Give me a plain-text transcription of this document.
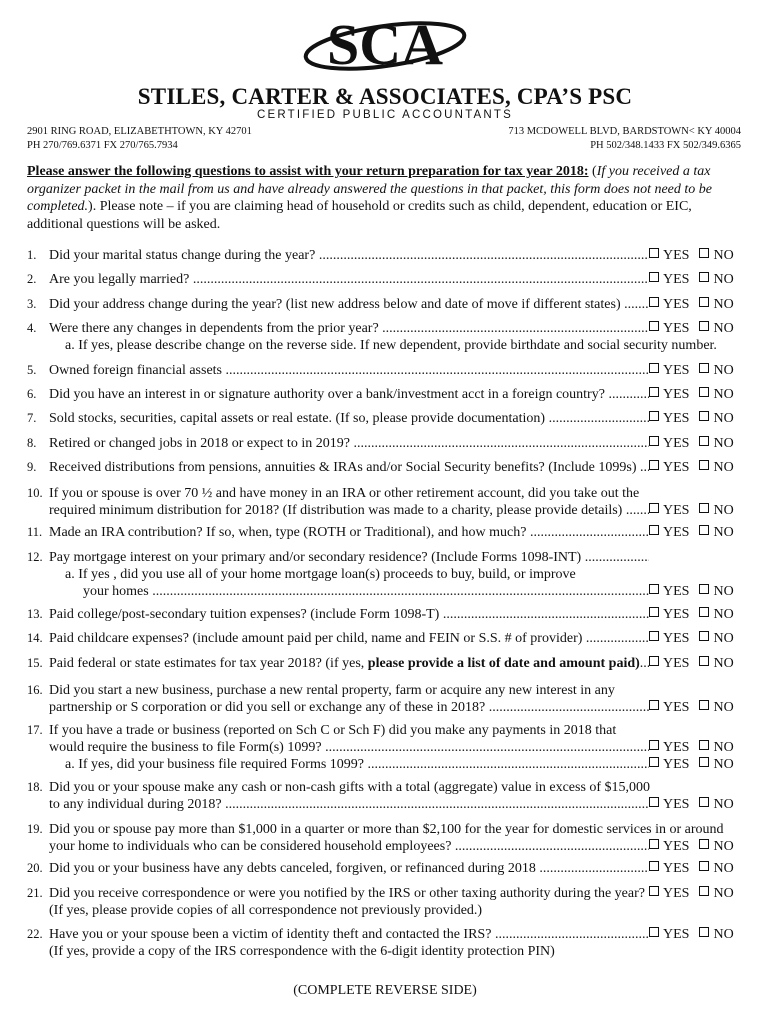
SCA
STILES, CARTER & ASSOCIATES, CPA’S PSC
CERTIFIED PUBLIC ACCOUNTANTS
2901 RING ROAD, ELIZABETHTOWN, KY 42701
PH 270/769.6371 FX 270/765.7934
713 MCDOWELL BLVD, BARDSTOWN< KY 40004
PH 502/348.1433 FX 502/349.6365
Please answer the following questions to assist with your return preparation for tax year 2018: (If you received a tax organizer packet in the mail from us and have already answered the questions in that packet, this form does not need to be completed.). Please note – if you are claiming head of household or credits such as child, dependent, education or EIC, additional questions will be asked.
1. Did your marital status change during the year? .....	YES NO
2. Are you legally married? .....	YES NO
3. Did your address change during the year? (list new address below and date of move if different states) .....	YES NO
4. Were there any changes in dependents from the prior year? .....	YES NO
a. If yes, please describe change on the reverse side. If new dependent, provide birthdate and social security number.
5. Owned foreign financial assets .....	YES NO
6. Did you have an interest in or signature authority over a bank/investment acct in a foreign country? .....	YES NO
7. Sold stocks, securities, capital assets or real estate. (If so, please provide documentation) .....	YES NO
8. Retired or changed jobs in 2018 or expect to in 2019? .....	YES NO
9. Received distributions from pensions, annuities & IRAs and/or Social Security benefits? (Include 1099s) .....	YES NO
10. If you or spouse is over 70 ½ and have money in an IRA or other retirement account, did you take out the
required minimum distribution for 2018? (If distribution was made to a charity, please provide details) .....	YES NO
11. Made an IRA contribution? If so, when, type (ROTH or Traditional), and how much? .....	YES NO
12. Pay mortgage interest on your primary and/or secondary residence? (Include Forms 1098-INT) .....
a. If yes , did you use all of your home mortgage loan(s) proceeds to buy, build, or improve
your homes .....	YES NO
13. Paid college/post-secondary tuition expenses? (include Form 1098-T) .....	YES NO
14. Paid childcare expenses? (include amount paid per child, name and FEIN or S.S. # of provider) .....	YES NO
15. Paid federal or state estimates for tax year 2018? (if yes, please provide a list of date and amount paid) .....	YES NO
16. Did you start a new business, purchase a new rental property, farm or acquire any new interest in any
partnership or S corporation or did you sell or exchange any of these in 2018? .....	YES NO
17. If you have a trade or business (reported on Sch C or Sch F) did you make any payments in 2018 that
would require the business to file Form(s) 1099? .....	YES NO
a. If yes, did your business file required Forms 1099? .....	YES NO
18. Did you or your spouse make any cash or non-cash gifts with a total (aggregate) value in excess of $15,000
to any individual during 2018? .....	YES NO
19. Did you or spouse pay more than $1,000 in a quarter or more than $2,100 for the year for domestic services in or around
your home to individuals who can be considered household employees? .....	YES NO
20. Did you or your business have any debts canceled, forgiven, or refinanced during 2018 .....	YES NO
21. Did you receive correspondence or were you notified by the IRS or other taxing authority during the year? .....	YES NO
(If yes, please provide copies of all correspondence not previously provided.)
22. Have you or your spouse been a victim of identity theft and contacted the IRS? .....	YES NO
(If yes, provide a copy of the IRS correspondence with the 6-digit identity protection PIN)
(COMPLETE REVERSE SIDE)
